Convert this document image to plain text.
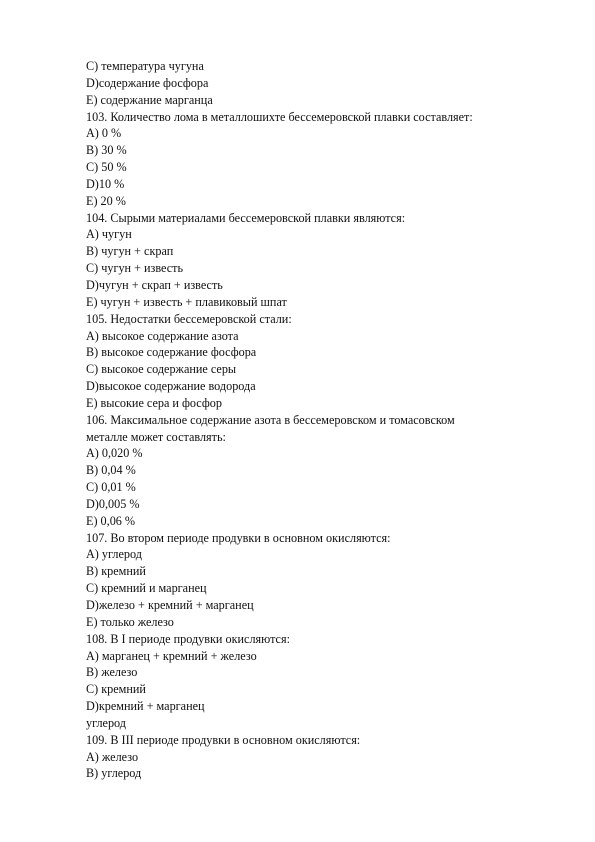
C) температура чугуна
D)содержание фосфора
E) содержание марганца
103. Количество лома в металлошихте бессемеровской плавки составляет:
A) 0 %
B) 30 %
C) 50 %
D)10 %
E) 20 %
104. Сырыми материалами бессемеровской плавки являются:
A) чугун
B) чугун + скрап
C) чугун + известь
D)чугун + скрап + известь
E) чугун + известь + плавиковый шпат
105. Недостатки бессемеровской стали:
A) высокое содержание азота
B) высокое содержание фосфора
C) высокое содержание серы
D)высокое содержание водорода
E) высокие сера и фосфор
106. Максимальное содержание азота в бессемеровском и томасовском
металле может составлять:
A) 0,020 %
B) 0,04 %
C) 0,01 %
D)0,005 %
E) 0,06 %
107. Во втором периоде продувки в основном окисляются:
A) углерод
B) кремний
C) кремний и марганец
D)железо + кремний + марганец
E) только железо
108. В I периоде продувки окисляются:
A) марганец + кремний + железо
B) железо
C) кремний
D)кремний + марганец
углерод
109. В III периоде продувки в основном окисляются:
A) железо
B) углерод
